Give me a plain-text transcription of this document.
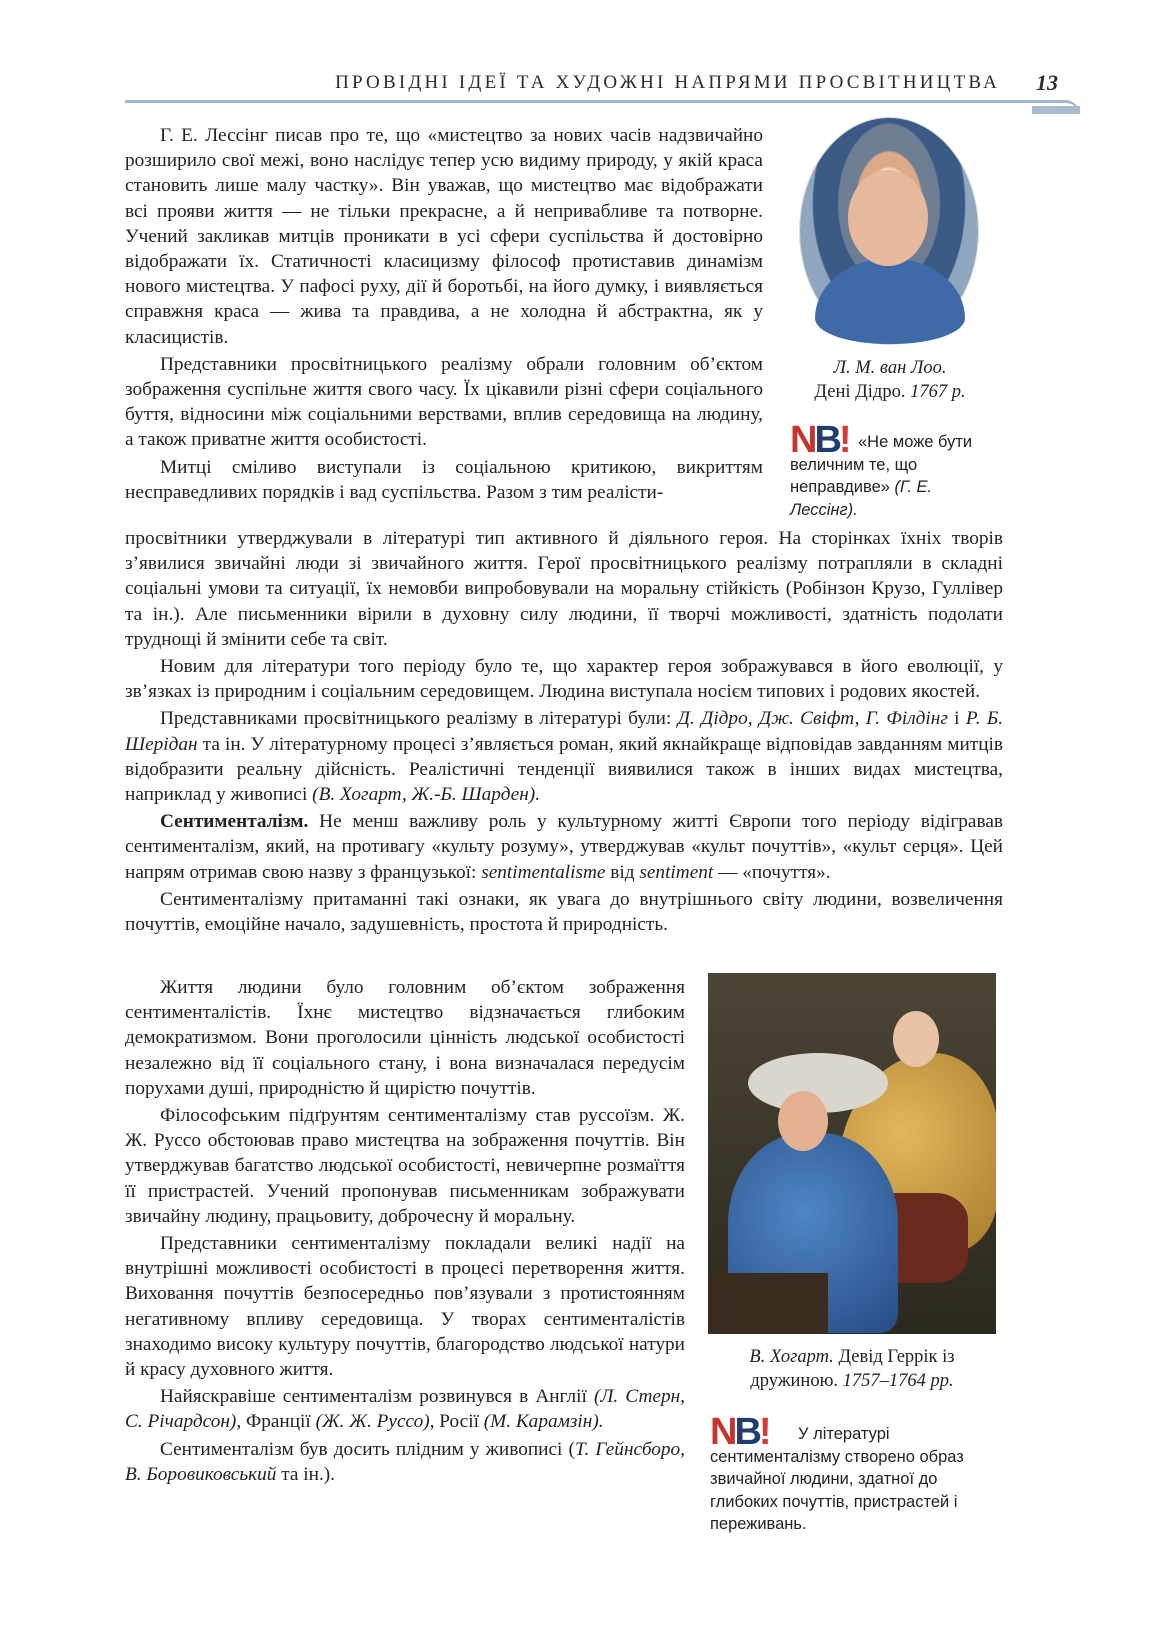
ПРОВІДНІ ІДЕЇ ТА ХУДОЖНІ НАПРЯМИ ПРОСВІТНИЦТВА 13

Г. Е. Лессінг писав про те, що «мистецтво за нових часів надзвичайно розширило свої межі, воно наслідує тепер усю видиму природу, у якій краса становить лише малу частку». Він уважав, що мистецтво має відображати всі прояви життя — не тільки прекрасне, а й непривабливе та потворне. Учений закликав митців проникати в усі сфери суспільства й достовірно відображати їх. Статичності класицизму філософ протиставив динамізм нового мистецтва. У пафосі руху, дії й боротьбі, на його думку, і виявляється справжня краса — жива та правдива, а не холодна й абстрактна, як у класицистів.

Представники просвітницького реалізму обрали головним об’єктом зображення суспільне життя свого часу. Їх цікавили різні сфери соціального буття, відносини між соціальними верствами, вплив середовища на людину, а також приватне життя особистості.

Митці сміливо виступали із соціальною критикою, викриттям несправедливих порядків і вад суспільства. Разом з тим реалісти-

Л. М. ван Лоо.
Дені Дідро. 1767 р.
NB! «Не може бути величним те, що неправдиве» (Г. Е. Лессінг).

просвітники утверджували в літературі тип активного й діяльного героя. На сторінках їхніх творів з’явилися звичайні люди зі звичайного життя. Герої просвітницького реалізму потрапляли в складні соціальні умови та ситуації, їх немовби випробовували на моральну стійкість (Робінзон Крузо, Гуллівер та ін.). Але письменники вірили в духовну силу людини, її творчі можливості, здатність подолати труднощі й змінити себе та світ.

Новим для літератури того періоду було те, що характер героя зображувався в його еволюції, у зв’язках із природним і соціальним середовищем. Людина виступала носієм типових і родових якостей.

Представниками просвітницького реалізму в літературі були: Д. Дідро, Дж. Свіфт, Г. Філдінг і Р. Б. Шерідан та ін. У літературному процесі з’являється роман, який якнайкраще відповідав завданням митців відобразити реальну дійсність. Реалістичні тенденції виявилися також в інших видах мистецтва, наприклад у живописі (В. Хогарт, Ж.-Б. Шарден).

Сентименталізм. Не менш важливу роль у культурному житті Європи того періоду відігравав сентименталізм, який, на противагу «культу розуму», утверджував «культ почуттів», «культ серця». Цей напрям отримав свою назву з французької: sentimentalisme від sentiment — «почуття».

Сентименталізму притаманні такі ознаки, як увага до внутрішнього світу людини, возвеличення почуттів, емоційне начало, задушевність, простота й природність.

Життя людини було головним об’єктом зображення сентименталістів. Їхнє мистецтво відзначається глибоким демократизмом. Вони проголосили цінність людської особистості незалежно від її соціального стану, і вона визначалася передусім порухами душі, природністю й щирістю почуттів.

Філософським підґрунтям сентименталізму став руссоїзм. Ж. Ж. Руссо обстоював право мистецтва на зображення почуттів. Він утверджував багатство людської особистості, невичерпне розмаїття її пристрастей. Учений пропонував письменникам зображувати звичайну людину, працьовиту, доброчесну й моральну.

Представники сентименталізму покладали великі надії на внутрішні можливості особистості в процесі перетворення життя. Виховання почуттів безпосередньо пов’язували з протистоянням негативному впливу середовища. У творах сентименталістів знаходимо високу культуру почуттів, благородство людської натури й красу духовного життя.

Найяскравіше сентименталізм розвинувся в Англії (Л. Стерн, С. Річардсон), Франції (Ж. Ж. Руссо), Росії (М. Карамзін).

Сентименталізм був досить плідним у живописі (Т. Гейнсборо, В. Боровиковський та ін.).

В. Хогарт. Девід Геррік із
дружиною. 1757–1764 рр.
NB!	У літературі сентименталізму створено образ звичайної людини, здатної до глибоких почуттів, пристрастей і переживань.
